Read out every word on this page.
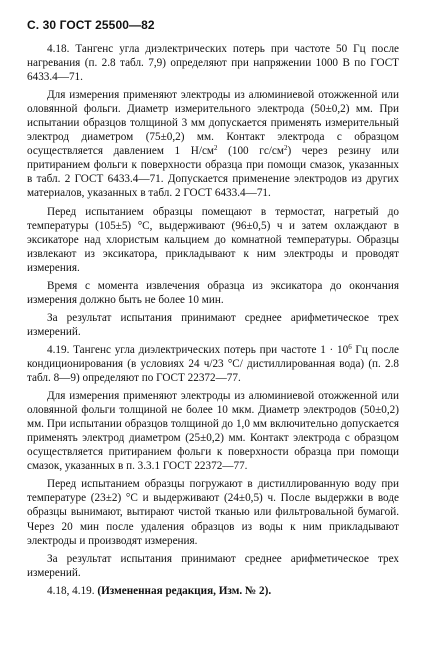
С. 30 ГОСТ 25500—82

4.18. Тангенс угла диэлектрических потерь при частоте 50 Гц после нагревания (п. 2.8 табл. 7,9) определяют при напряжении 1000 В по ГОСТ 6433.4—71.

Для измерения применяют электроды из алюминиевой отожженной или оловянной фольги. Диаметр измерительного электрода (50±0,2) мм. При испытании образцов толщиной 3 мм допускается применять измерительный электрод диаметром (75±0,2) мм. Контакт электрода с образцом осуществляется давлением 1 $Н/см^2$ (100 $гс/см^2$) через резину или притиранием фольги к поверхности образца при помощи смазок, указанных в табл. 2 ГОСТ 6433.4—71. Допускается применение электродов из других материалов, указанных в табл. 2 ГОСТ 6433.4—71.

Перед испытанием образцы помещают в термостат, нагретый до температуры (105±5) °С, выдерживают (96±0,5) ч и затем охлаждают в эксикаторе над хлористым кальцием до комнатной температуры. Образцы извлекают из эксикатора, прикладывают к ним электроды и проводят измерения.

Время с момента извлечения образца из эксикатора до окончания измерения должно быть не более 10 мин.

За результат испытания принимают среднее арифметическое трех измерений.

4.19. Тангенс угла диэлектрических потерь при частоте $1 \cdot 10^6$ Гц после кондиционирования (в условиях 24 ч/23 °С/ дистиллированная вода) (п. 2.8 табл. 8—9) определяют по ГОСТ 22372—77.

Для измерения применяют электроды из алюминиевой отожженной или оловянной фольги толщиной не более 10 мкм. Диаметр электродов (50±0,2) мм. При испытании образцов толщиной до 1,0 мм включительно допускается применять электрод диаметром (25±0,2) мм. Контакт электрода с образцом осуществляется притиранием фольги к поверхности образца при помощи смазок, указанных в п. 3.3.1 ГОСТ 22372—77.

Перед испытанием образцы погружают в дистиллированную воду при температуре (23±2) °С и выдерживают (24±0,5) ч. После выдержки в воде образцы вынимают, вытирают чистой тканью или фильтровальной бумагой. Через 20 мин после удаления образцов из воды к ним прикладывают электроды и производят измерения.

За результат испытания принимают среднее арифметическое трех измерений.

4.18, 4.19. (Измененная редакция, Изм. № 2).
